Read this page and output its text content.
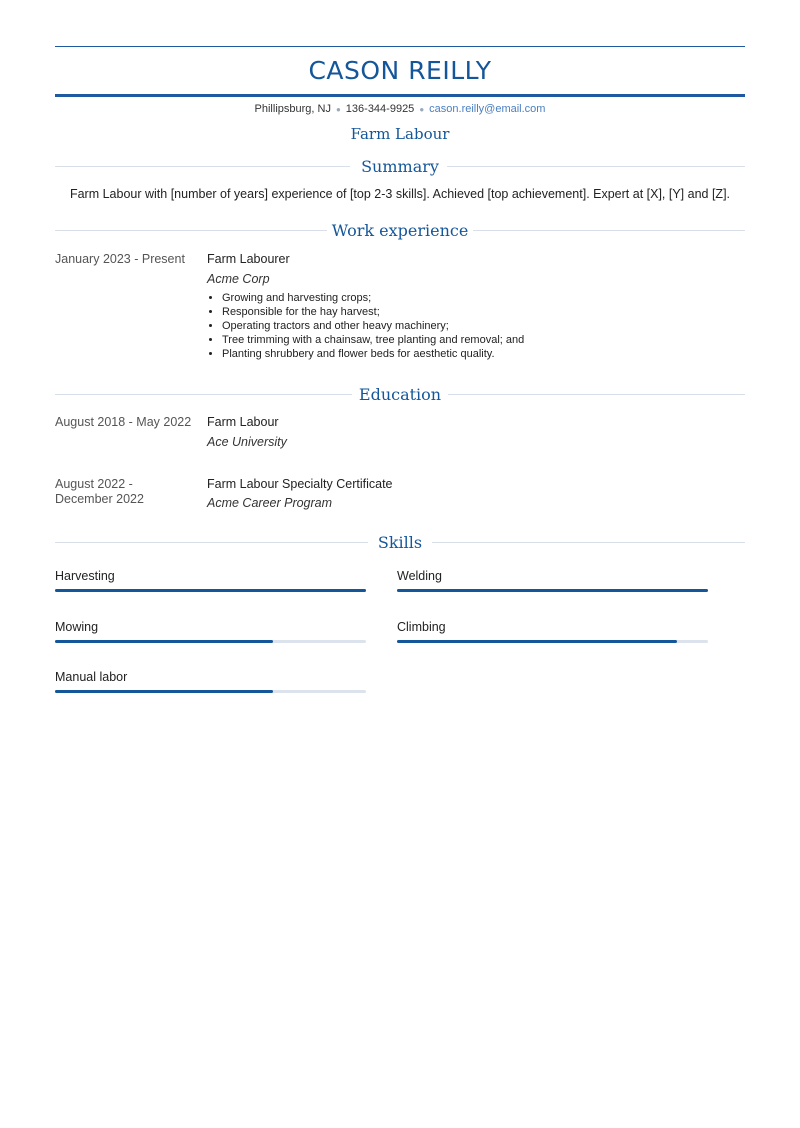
CASON REILLY
Phillipsburg, NJ ● 136-344-9925 ● cason.reilly@email.com
Farm Labour
Summary
Farm Labour with [number of years] experience of [top 2-3 skills]. Achieved [top achievement]. Expert at [X], [Y] and [Z].
Work experience
January 2023 - Present Farm Labourer
Acme Corp
• Growing and harvesting crops;
• Responsible for the hay harvest;
• Operating tractors and other heavy machinery;
• Tree trimming with a chainsaw, tree planting and removal; and
• Planting shrubbery and flower beds for aesthetic quality.
Education
August 2018 - May 2022 Farm Labour
Ace University
August 2022 -
December 2022
Farm Labour Specialty Certificate
Acme Career Program
Skills
Harvesting	Welding
Mowing	Climbing
Manual labor
